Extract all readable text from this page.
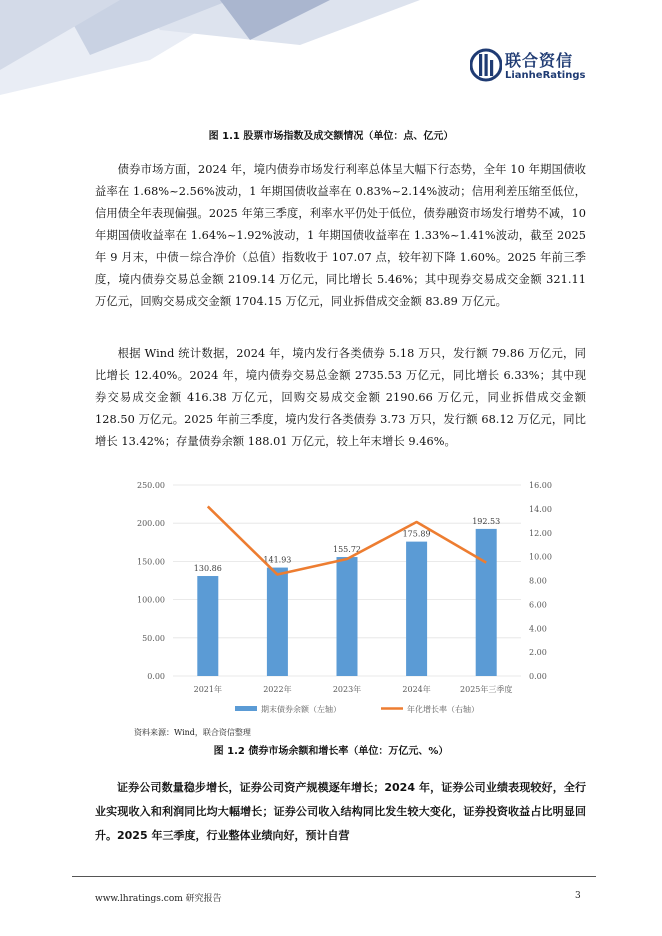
联合资信
LianheRatings
图 1.1 股票市场指数及成交额情况（单位：点、亿元）
债券市场方面，2024 年，境内债券市场发行利率总体呈大幅下行态势，全年 10 年期国债收益率在 1.68%~2.56%波动，1 年期国债收益率在 0.83%~2.14%波动；信用利差压缩至低位，信用债全年表现偏强。2025 年第三季度，利率水平仍处于低位，债券融资市场发行增势不减，10 年期国债收益率在 1.64%~1.92%波动，1 年期国债收益率在 1.33%~1.41%波动，截至 2025 年 9 月末，中债－综合净价（总值）指数收于 107.07 点，较年初下降 1.60%。2025 年前三季度，境内债券交易总金额 2109.14 万亿元，同比增长 5.46%；其中现券交易成交金额 321.11 万亿元，回购交易成交金额 1704.15 万亿元，同业拆借成交金额 83.89 万亿元。
根据 Wind 统计数据，2024 年，境内发行各类债券 5.18 万只，发行额 79.86 万亿元，同比增长 12.40%。2024 年，境内债券交易总金额 2735.53 万亿元，同比增长 6.33%；其中现券交易成交金额 416.38 万亿元，回购交易成交金额 2190.66 万亿元，同业拆借成交金额 128.50 万亿元。2025 年前三季度，境内发行各类债券 3.73 万只，发行额 68.12 万亿元，同比增长 13.42%；存量债券余额 188.01 万亿元，较上年末增长 9.46%。
0.00
50.00
100.00
150.00
200.00
250.00
0.00
2.00
4.00
6.00
8.00
10.00
12.00
14.00
16.00
130.86
141.93
155.72
175.89
192.53
2021年	2022年	2023年	2024年	2025年三季度
期末债券余额（左轴）	年化增长率（右轴）
资料来源：Wind，联合资信整理
图 1.2 债券市场余额和增长率（单位：万亿元、%）
证券公司数量稳步增长，证券公司资产规模逐年增长；2024 年，证券公司业绩表现较好，全行业实现收入和利润同比均大幅增长；证券公司收入结构同比发生较大变化，证券投资收益占比明显回升。2025 年三季度，行业整体业绩向好，预计自营
www.lhratings.com 研究报告	3
